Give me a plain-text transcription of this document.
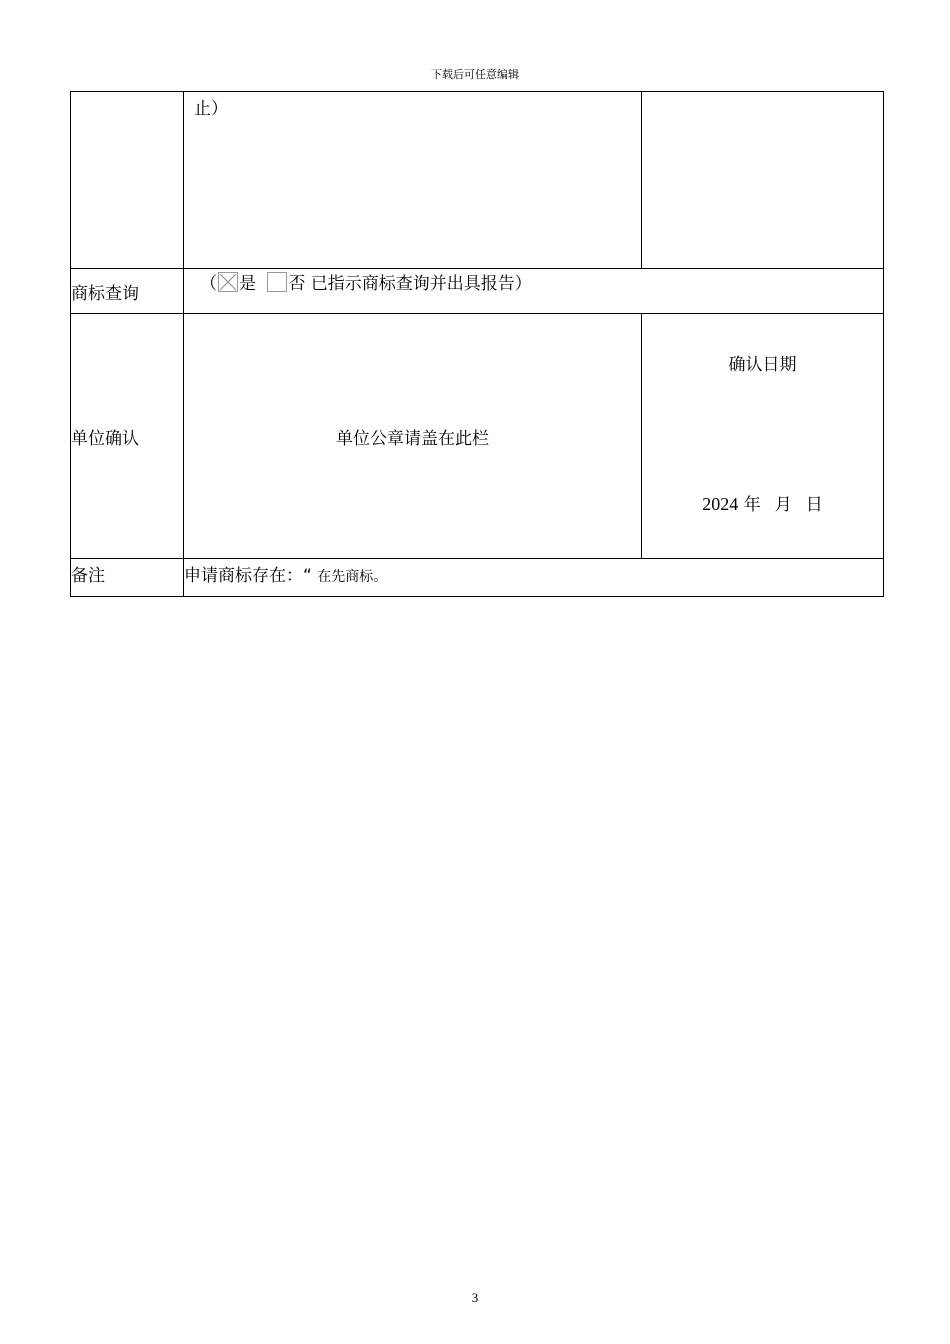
下载后可任意编辑

	止）	

商标查询	（ 是 否 已指示商标查询并出具报告）	
单位确认	单位公章请盖在此栏	确认日期
2024 年 月 日

备注	申请商标存在：“ 在先商标。	
3
